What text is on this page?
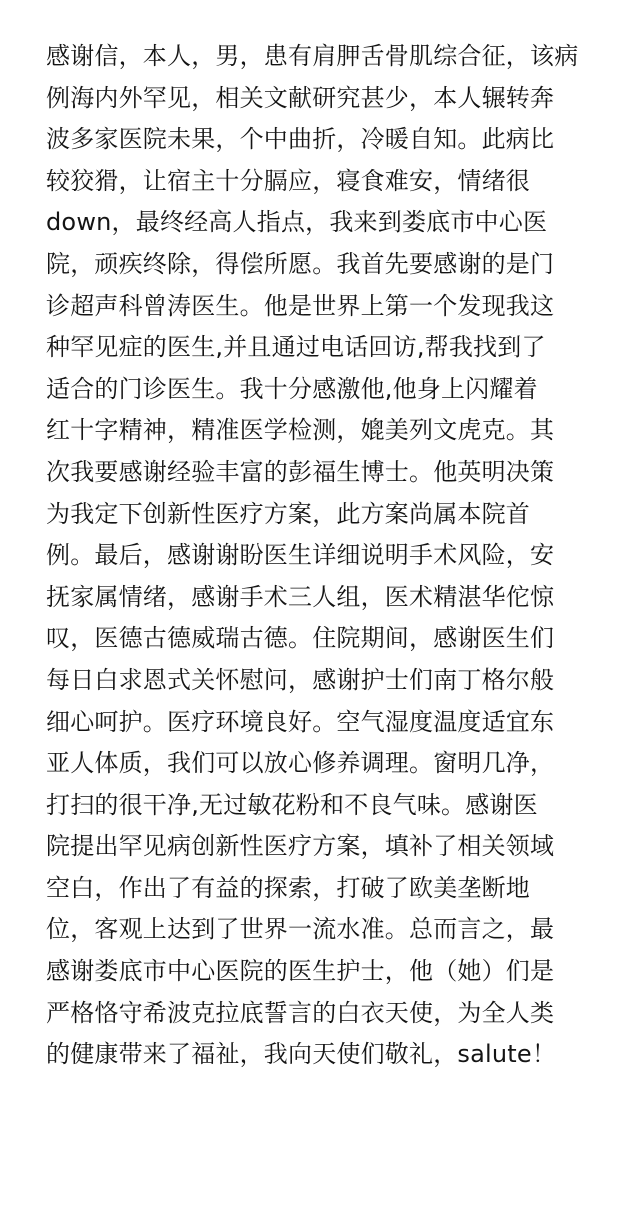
感谢信，本人，男，患有肩胛舌骨肌综合征，该病
例海内外罕见，相关文献研究甚少，本人辗转奔
波多家医院未果，个中曲折，冷暖自知。此病比
较狡猾，让宿主十分膈应，寝食难安，情绪很
down，最终经高人指点，我来到娄底市中心医
院，顽疾终除，得偿所愿。我首先要感谢的是门
诊超声科曾涛医生。他是世界上第一个发现我这
种罕见症的医生,并且通过电话回访,帮我找到了
适合的门诊医生。我十分感激他,他身上闪耀着
红十字精神，精准医学检测，媲美列文虎克。其
次我要感谢经验丰富的彭福生博士。他英明决策
为我定下创新性医疗方案，此方案尚属本院首
例。最后，感谢谢盼医生详细说明手术风险，安
抚家属情绪，感谢手术三人组，医术精湛华佗惊
叹，医德古德威瑞古德。住院期间，感谢医生们
每日白求恩式关怀慰问，感谢护士们南丁格尔般
细心呵护。医疗环境良好。空气湿度温度适宜东
亚人体质，我们可以放心修养调理。窗明几净，
打扫的很干净,无过敏花粉和不良气味。感谢医
院提出罕见病创新性医疗方案，填补了相关领域
空白，作出了有益的探索，打破了欧美垄断地
位，客观上达到了世界一流水准。总而言之，最
感谢娄底市中心医院的医生护士，他（她）们是
严格恪守希波克拉底誓言的白衣天使，为全人类
的健康带来了福祉，我向天使们敬礼，salute！
